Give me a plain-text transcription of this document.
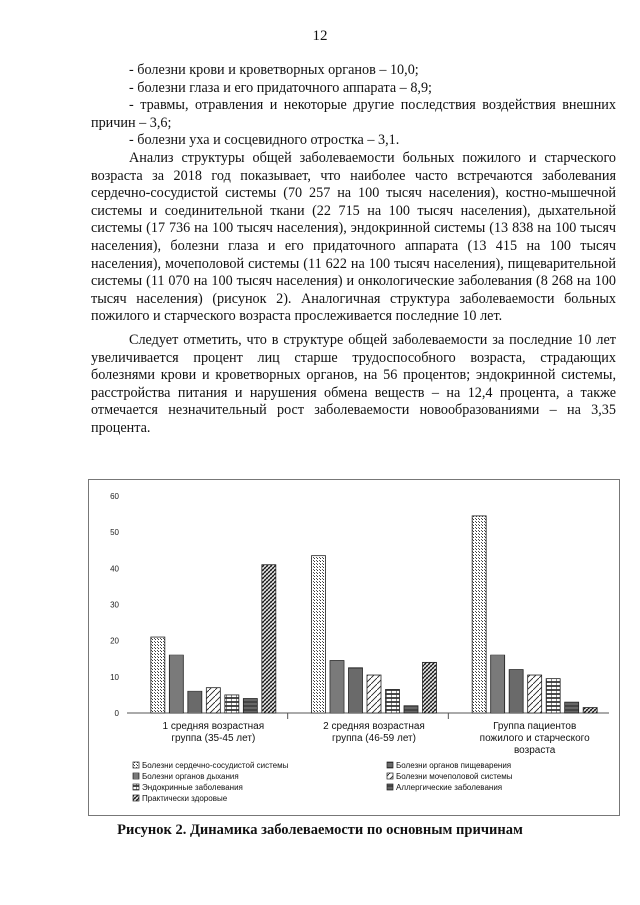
12

- болезни крови и кроветворных органов – 10,0;

- болезни глаза и его придаточного аппарата – 8,9;

- травмы, отравления и некоторые другие последствия воздействия внешних причин – 3,6;

- болезни уха и сосцевидного отростка – 3,1.

Анализ структуры общей заболеваемости больных пожилого и старческого возраста за 2018 год показывает, что наиболее часто встречаются заболевания сердечно-сосудистой системы (70 257 на 100 тысяч населения), костно-мышечной системы и соединительной ткани (22 715 на 100 тысяч населения), дыхательной системы (17 736 на 100 тысяч населения), эндокринной системы (13 838 на 100 тысяч населения), болезни глаза и его придаточного аппарата (13 415 на 100 тысяч населения), мочеполовой системы (11 622 на 100 тысяч населения), пищеварительной системы (11 070 на 100 тысяч населения) и онкологические заболевания (8 268 на 100 тысяч населения) (рисунок 2). Аналогичная структура заболеваемости больных пожилого и старческого возраста прослеживается последние 10 лет.

Следует отметить, что в структуре общей заболеваемости за последние 10 лет увеличивается процент лиц старше трудоспособного возраста, страдающих болезнями крови и кроветворных органов, на 56 процентов; эндокринной системы, расстройства питания и нарушения обмена веществ – на 12,4 процента, а также отмечается незначительный рост заболеваемости новообразованиями – на 3,35 процента.

0
10
20
30
40
50
60
1 средняя возрастная
группа (35-45 лет)
2 средняя возрастная
группа (46-59 лет)
Группа пациентов
пожилого и старческого
возраста
Болезни сердечно-сосудистой системы	Болезни органов пищеварения
Болезни органов дыхания	Болезни мочеполовой системы
Эндокринные заболевания	Аллергические заболевания
Практически здоровые
Рисунок 2. Динамика заболеваемости по основным причинам
